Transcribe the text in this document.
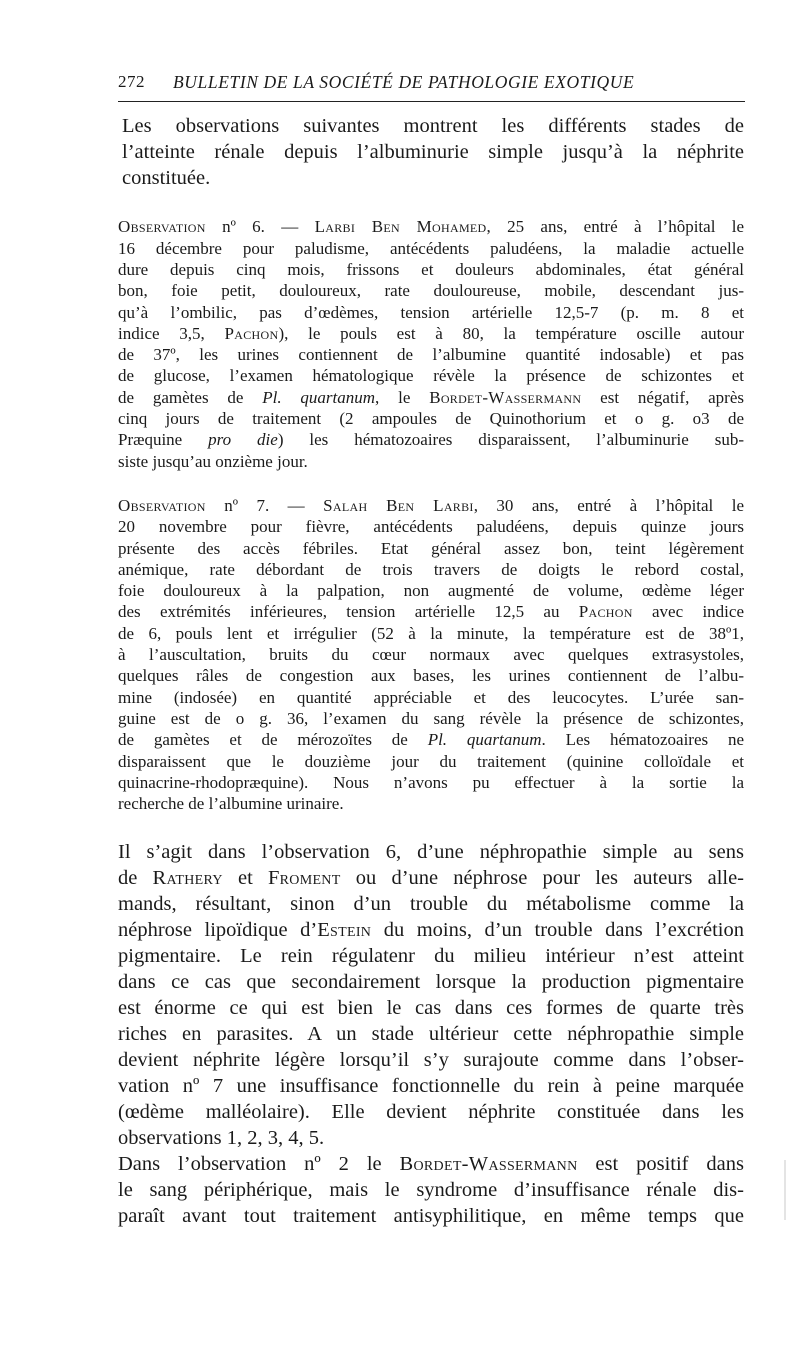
272 BULLETIN DE LA SOCIÉTÉ DE PATHOLOGIE EXOTIQUE

Les observations suivantes montrent les différents stades de
l’atteinte rénale depuis l’albuminurie simple jusqu’à la néphrite
constituée.

Observation nº 6. — Larbi Ben Mohamed, 25 ans, entré à l’hôpital le
16 décembre pour paludisme, antécédents paludéens, la maladie actuelle
dure depuis cinq mois, frissons et douleurs abdominales, état général
bon, foie petit, douloureux, rate douloureuse, mobile, descendant jus-
qu’à l’ombilic, pas d’œdèmes, tension artérielle 12,5-7 (p. m. 8 et
indice 3,5, Pachon), le pouls est à 80, la température oscille autour
de 37º, les urines contiennent de l’albumine quantité indosable) et pas
de glucose, l’examen hématologique révèle la présence de schizontes et
de gamètes de Pl. quartanum, le Bordet-Wassermann est négatif, après
cinq jours de traitement (2 ampoules de Quinothorium et o g. o3 de
Præquine pro die) les hématozoaires disparaissent, l’albuminurie sub-
siste jusqu’au onzième jour.

Observation nº 7. — Salah Ben Larbi, 30 ans, entré à l’hôpital le
20 novembre pour fièvre, antécédents paludéens, depuis quinze jours
présente des accès fébriles. Etat général assez bon, teint légèrement
anémique, rate débordant de trois travers de doigts le rebord costal,
foie douloureux à la palpation, non augmenté de volume, œdème léger
des extrémités inférieures, tension artérielle 12,5 au Pachon avec indice
de 6, pouls lent et irrégulier (52 à la minute, la température est de 38º1,
à l’auscultation, bruits du cœur normaux avec quelques extrasystoles,
quelques râles de congestion aux bases, les urines contiennent de l’albu-
mine (indosée) en quantité appréciable et des leucocytes. L’urée san-
guine est de o g. 36, l’examen du sang révèle la présence de schizontes,
de gamètes et de mérozoïtes de Pl. quartanum. Les hématozoaires ne
disparaissent que le douzième jour du traitement (quinine colloïdale et
quinacrine-rhodopræquine). Nous n’avons pu effectuer à la sortie la
recherche de l’albumine urinaire.

Il s’agit dans l’observation 6, d’une néphropathie simple au sens
de Rathery et Froment ou d’une néphrose pour les auteurs alle-
mands, résultant, sinon d’un trouble du métabolisme comme la
néphrose lipoïdique d’Estein du moins, d’un trouble dans l’excrétion
pigmentaire. Le rein régulatenr du milieu intérieur n’est atteint
dans ce cas que secondairement lorsque la production pigmentaire
est énorme ce qui est bien le cas dans ces formes de quarte très
riches en parasites. A un stade ultérieur cette néphropathie simple
devient néphrite légère lorsqu’il s’y surajoute comme dans l’obser-
vation nº 7 une insuffisance fonctionnelle du rein à peine marquée
(œdème malléolaire). Elle devient néphrite constituée dans les
observations 1, 2, 3, 4, 5.

Dans l’observation nº 2 le Bordet-Wassermann est positif dans
le sang périphérique, mais le syndrome d’insuffisance rénale dis-
paraît avant tout traitement antisyphilitique, en même temps que
